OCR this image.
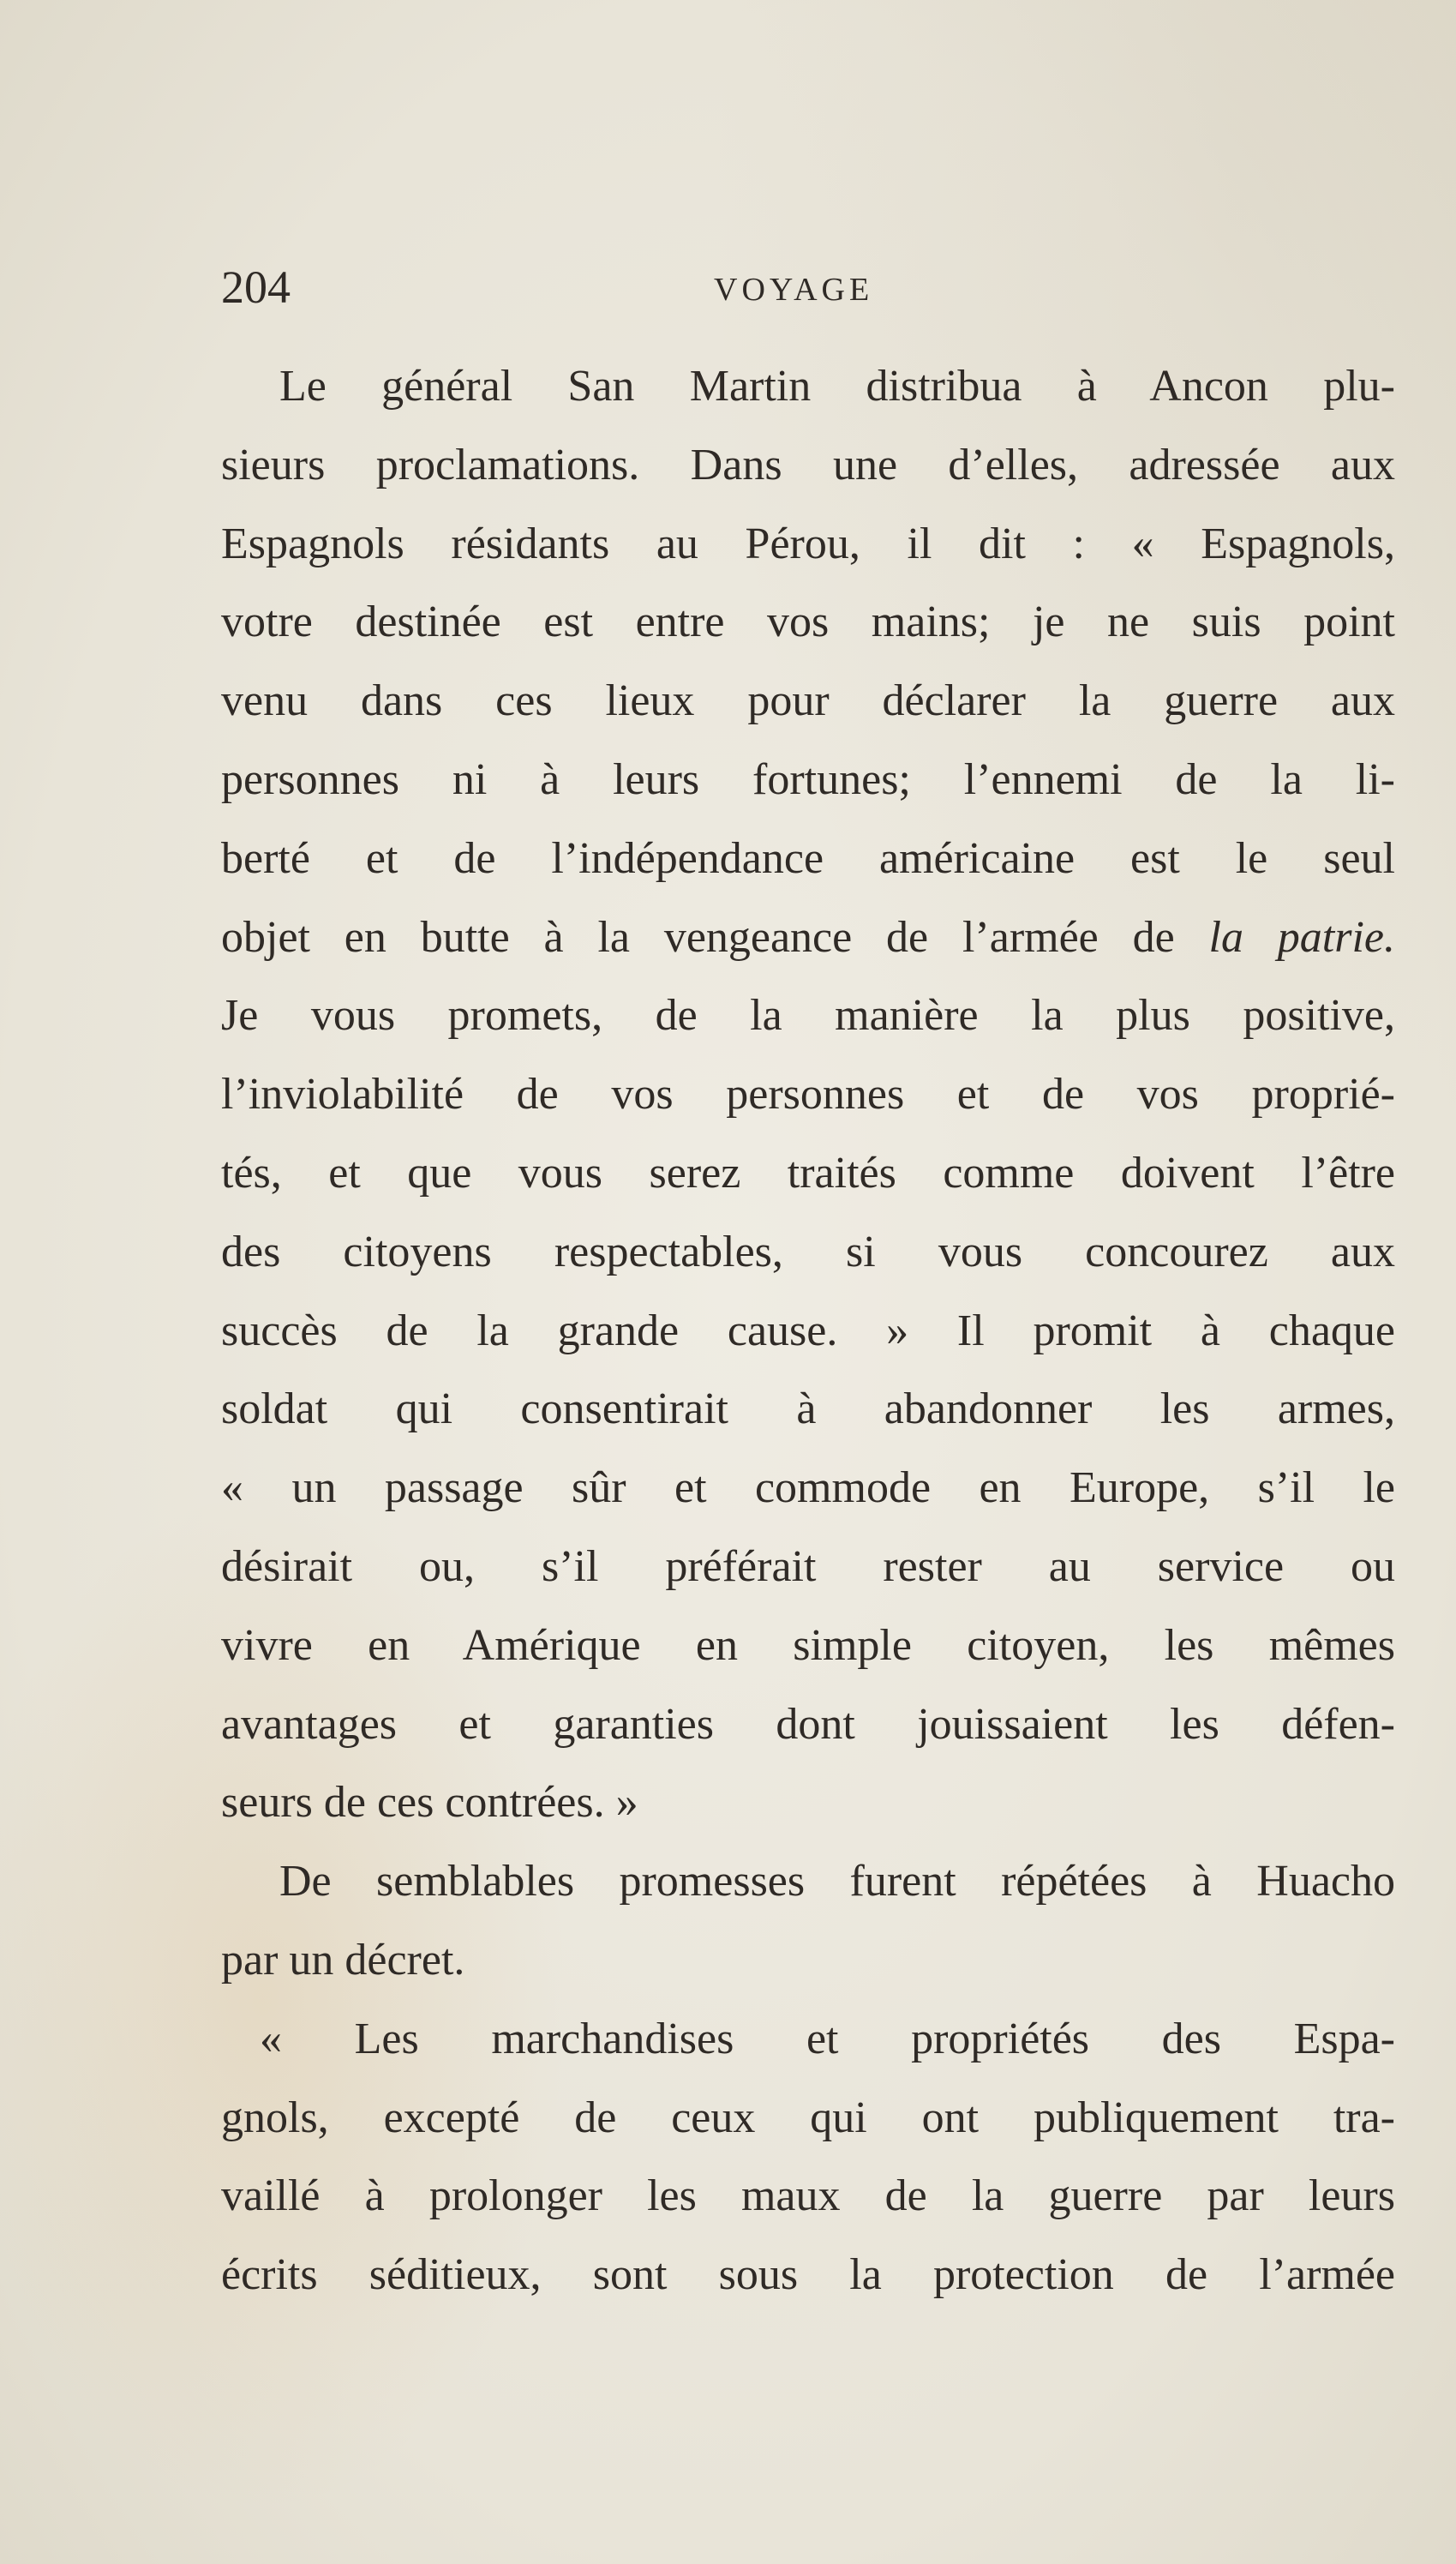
204	VOYAGE
Le général San Martin distribua à Ancon plu-
sieurs proclamations. Dans une d’elles, adressée aux
Espagnols résidants au Pérou, il dit : « Espagnols,
votre destinée est entre vos mains; je ne suis point
venu dans ces lieux pour déclarer la guerre aux
personnes ni à leurs fortunes; l’ennemi de la li-
berté et de l’indépendance américaine est le seul
objet en butte à la vengeance de l’armée de la patrie.
Je vous promets, de la manière la plus positive,
l’inviolabilité de vos personnes et de vos proprié-
tés, et que vous serez traités comme doivent l’être
des citoyens respectables, si vous concourez aux
succès de la grande cause. » Il promit à chaque
soldat qui consentirait à abandonner les armes,
« un passage sûr et commode en Europe, s’il le
désirait ou, s’il préférait rester au service ou
vivre en Amérique en simple citoyen, les mêmes
avantages et garanties dont jouissaient les défen-
seurs de ces contrées. »
De semblables promesses furent répétées à Huacho
par un décret.
« Les marchandises et propriétés des Espa-
gnols, excepté de ceux qui ont publiquement tra-
vaillé à prolonger les maux de la guerre par leurs
écrits séditieux, sont sous la protection de l’armée
